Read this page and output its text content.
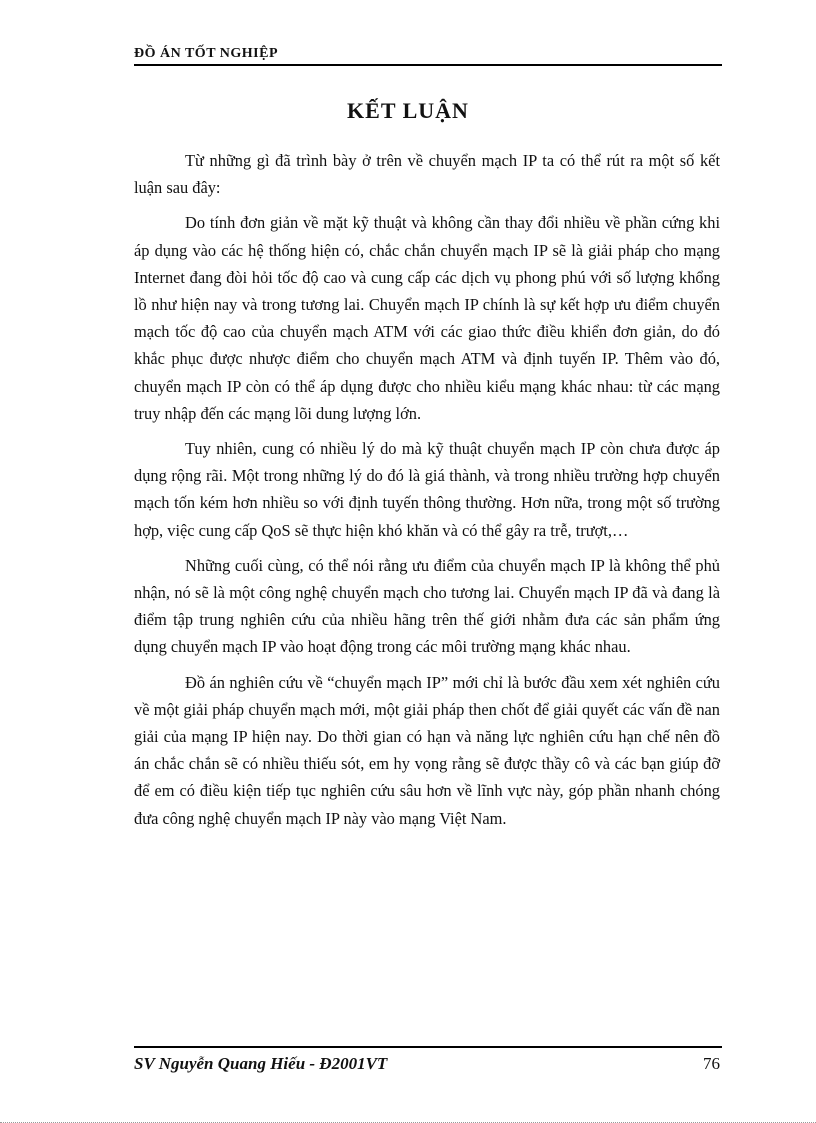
ĐỒ ÁN TỐT NGHIỆP
KẾT LUẬN

Từ những gì đã trình bày ở trên về chuyển mạch IP ta có thể rút ra một số kết luận sau đây:

Do tính đơn giản về mặt kỹ thuật và không cần thay đổi nhiều về phần cứng khi áp dụng vào các hệ thống hiện có, chắc chắn chuyển mạch IP sẽ là giải pháp cho mạng Internet đang đòi hỏi tốc độ cao và cung cấp các dịch vụ phong phú với số lượng khổng lồ như hiện nay và trong tương lai. Chuyển mạch IP chính là sự kết hợp ưu điểm chuyển mạch tốc độ cao của chuyển mạch ATM với các giao thức điều khiển đơn giản, do đó khắc phục được nhược điểm cho chuyển mạch ATM và định tuyến IP. Thêm vào đó, chuyển mạch IP còn có thể áp dụng được cho nhiều kiểu mạng khác nhau: từ các mạng truy nhập đến các mạng lõi dung lượng lớn.

Tuy nhiên, cung có nhiều lý do mà kỹ thuật chuyển mạch IP còn chưa được áp dụng rộng rãi. Một trong những lý do đó là giá thành, và trong nhiều trường hợp chuyển mạch tốn kém hơn nhiều so với định tuyến thông thường. Hơn nữa, trong một số trường hợp, việc cung cấp QoS sẽ thực hiện khó khăn và có thể gây ra trễ, trượt,…

Những cuối cùng, có thể nói rằng ưu điểm của chuyển mạch IP là không thể phủ nhận, nó sẽ là một công nghệ chuyển mạch cho tương lai. Chuyển mạch IP đã và đang là điểm tập trung nghiên cứu của nhiều hãng trên thế giới nhằm đưa các sản phẩm ứng dụng chuyển mạch IP vào hoạt động trong các môi trường mạng khác nhau.

Đồ án nghiên cứu về “chuyển mạch IP” mới chỉ là bước đầu xem xét nghiên cứu về một giải pháp chuyển mạch mới, một giải pháp then chốt để giải quyết các vấn đề nan giải của mạng IP hiện nay. Do thời gian có hạn và năng lực nghiên cứu hạn chế nên đồ án chắc chắn sẽ có nhiều thiếu sót, em hy vọng rằng sẽ được thầy cô và các bạn giúp đỡ để em có điều kiện tiếp tục nghiên cứu sâu hơn về lĩnh vực này, góp phần nhanh chóng đưa công nghệ chuyển mạch IP này vào mạng Việt Nam.

SV Nguyễn Quang Hiếu - Đ2001VT	76
